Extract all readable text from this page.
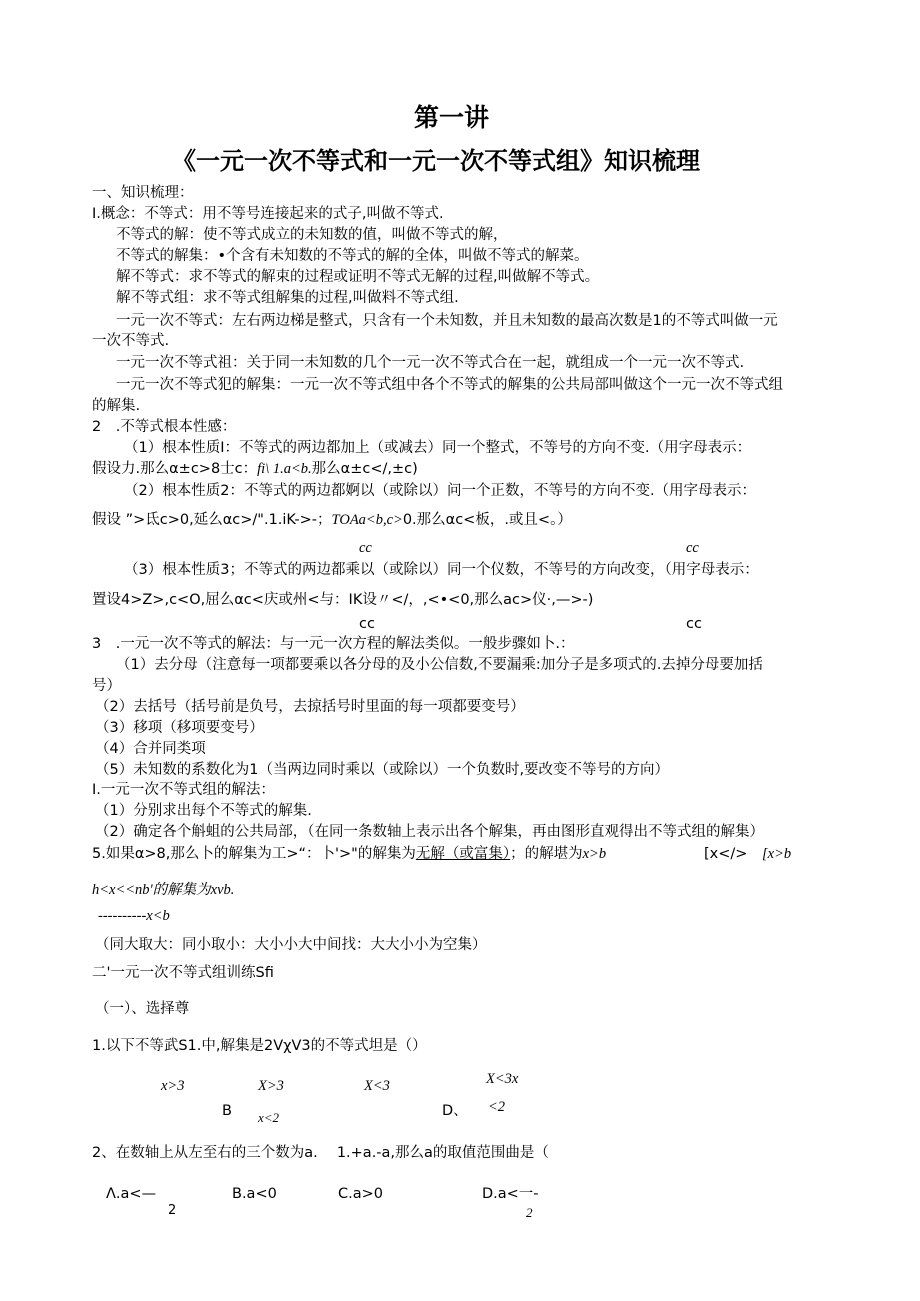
第一讲
《一元一次不等式和一元一次不等式组》知识梳理
一、知识梳理：
I.概念：不等式：用不等号连接起来的式子,叫做不等式.
不等式的解：使不等式成立的未知数的值，叫做不等式的解，
不等式的解集：•个含有未知数的不等式的解的全体，叫做不等式的解菜。
解不等式：求不等式的解束的过程或证明不等式无解的过程,叫做解不等式。
解不等式组：求不等式组解集的过程,叫做料不等式组.
一元一次不等式：左右两边梯是整式，只含有一个未知数，并且未知数的最高次数是1的不等式叫做一元
一次不等式.
一元一次不等式祖：关于同一未知数的几个一元一次不等式合在一起，就组成一个一元一次不等式.
一元一次不等式犯的解集：一元一次不等式组中各个不等式的解集的公共局部叫做这个一元一次不等式组
的解集.
2　.不等式根本性感：
（1）根本性质I：不等式的两边都加上（或减去）同一个整式，不等号的方向不变.（用字母表示：
假设力.那么α±c>8士c：fi\ 1.a<b.那么α±c</,±c)
（2）根本性质2：不等式的两边都婀以（或除以）问一个正数，不等号的方向不变.（用字母表示：
假设 ”>氐c>0,延么αc>/".1.iK->-；TOAa<b,c>0.那么αc<板，.或且<。）
cc	cc
（3）根本性质3；不等式的两边都乘以（或除以）同一个仪数，不等号的方向改变，（用字母表示：
置设4>Z>,c<O,屈么αc<庆或州<与：IK设〃</，,<•<0,那么ac>仪·,—>-)
cc	cc
3　.一元一次不等式的解法：与一元一次方程的解法类似。一般步骤如卜.：
（1）去分母（注意每一项都要乘以各分母的及小公信数,不要漏乘:加分子是多项式的.去掉分母要加括
号）
（2）去括号（括号前是负号，去掠括号时里面的每一项都要变号）
（3）移项（移项要变号）
（4）合并同类项
（5）未知数的系数化为1（当两边同时乘以（或除以）一个负数时,要改变不等号的方向）
I.一元一次不等式组的解法：
（1）分别求出每个不等式的解集.
（2）确定各个斛蛆的公共局部，（在同一条数轴上表示出各个解集，再由图形直观得出不等式组的解集）
5.如果α>8,那么卜的解集为工>“：卜'>"的解集为无解（或富集）；的解堪为x>b	[x</> [x>b
h<x<<nb'的解集为xvb.
----------x<b
（同大取大：同小取小：大小小大中间找：大大小小为空集）
二'一元一次不等式组训练Sfi
（一）、选择尊
1.以下不等武S1.中,解集是2VχV3的不等式坦是（）
x>3	X>3
B x<2
X<3	X<3x
D、 <2
2、在数轴上从左至右的三个数为a.　 1.+a.-a,那么a的取值范围曲是（
Λ.a<—
2
B.a<0	C.a>0	D.a<一-
2
